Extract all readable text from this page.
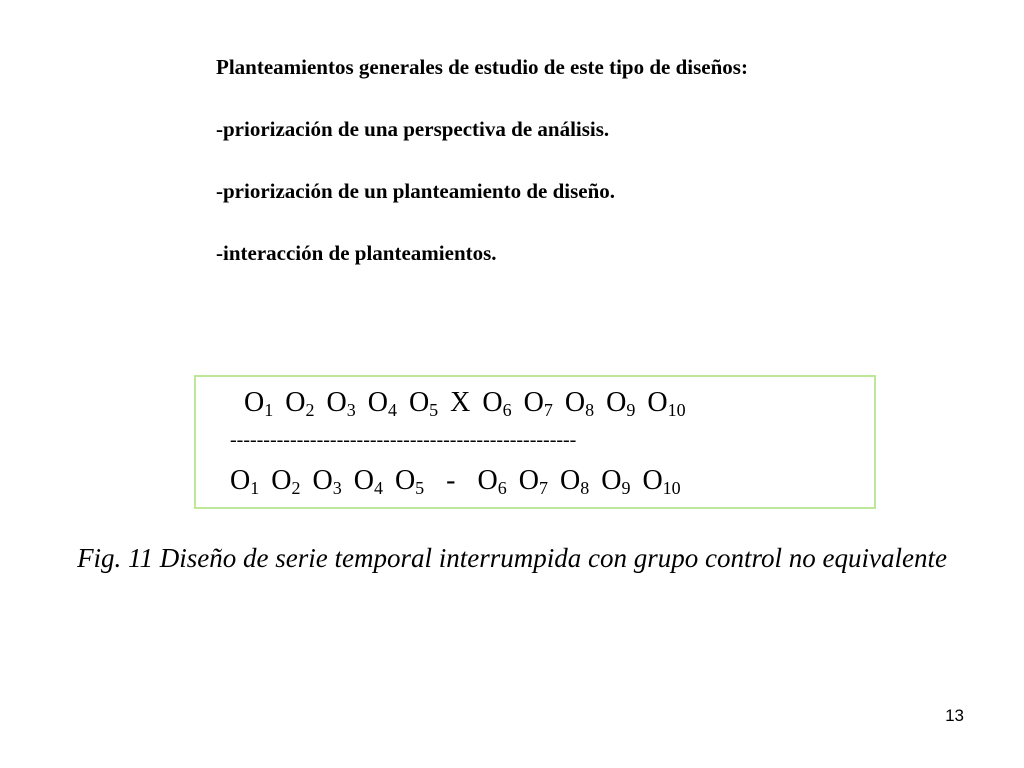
Planteamientos generales de estudio de este tipo de diseños:
-priorización de una perspectiva de análisis.
-priorización de un planteamiento de diseño.
-interacción de planteamientos.
$O_1$ $O_2$ $O_3$ $O_4$ $O_5$ X $O_6$ $O_7$ $O_8$ $O_9$ $O_{10}$
----------------------------------------------------
$O_1$ $O_2$ $O_3$ $O_4$ $O_5 - O_6$ $O_7$ $O_8$ $O_9$ $O_{10}$

Fig. 11 Diseño de serie temporal interrumpida con grupo control no equivalente

13
